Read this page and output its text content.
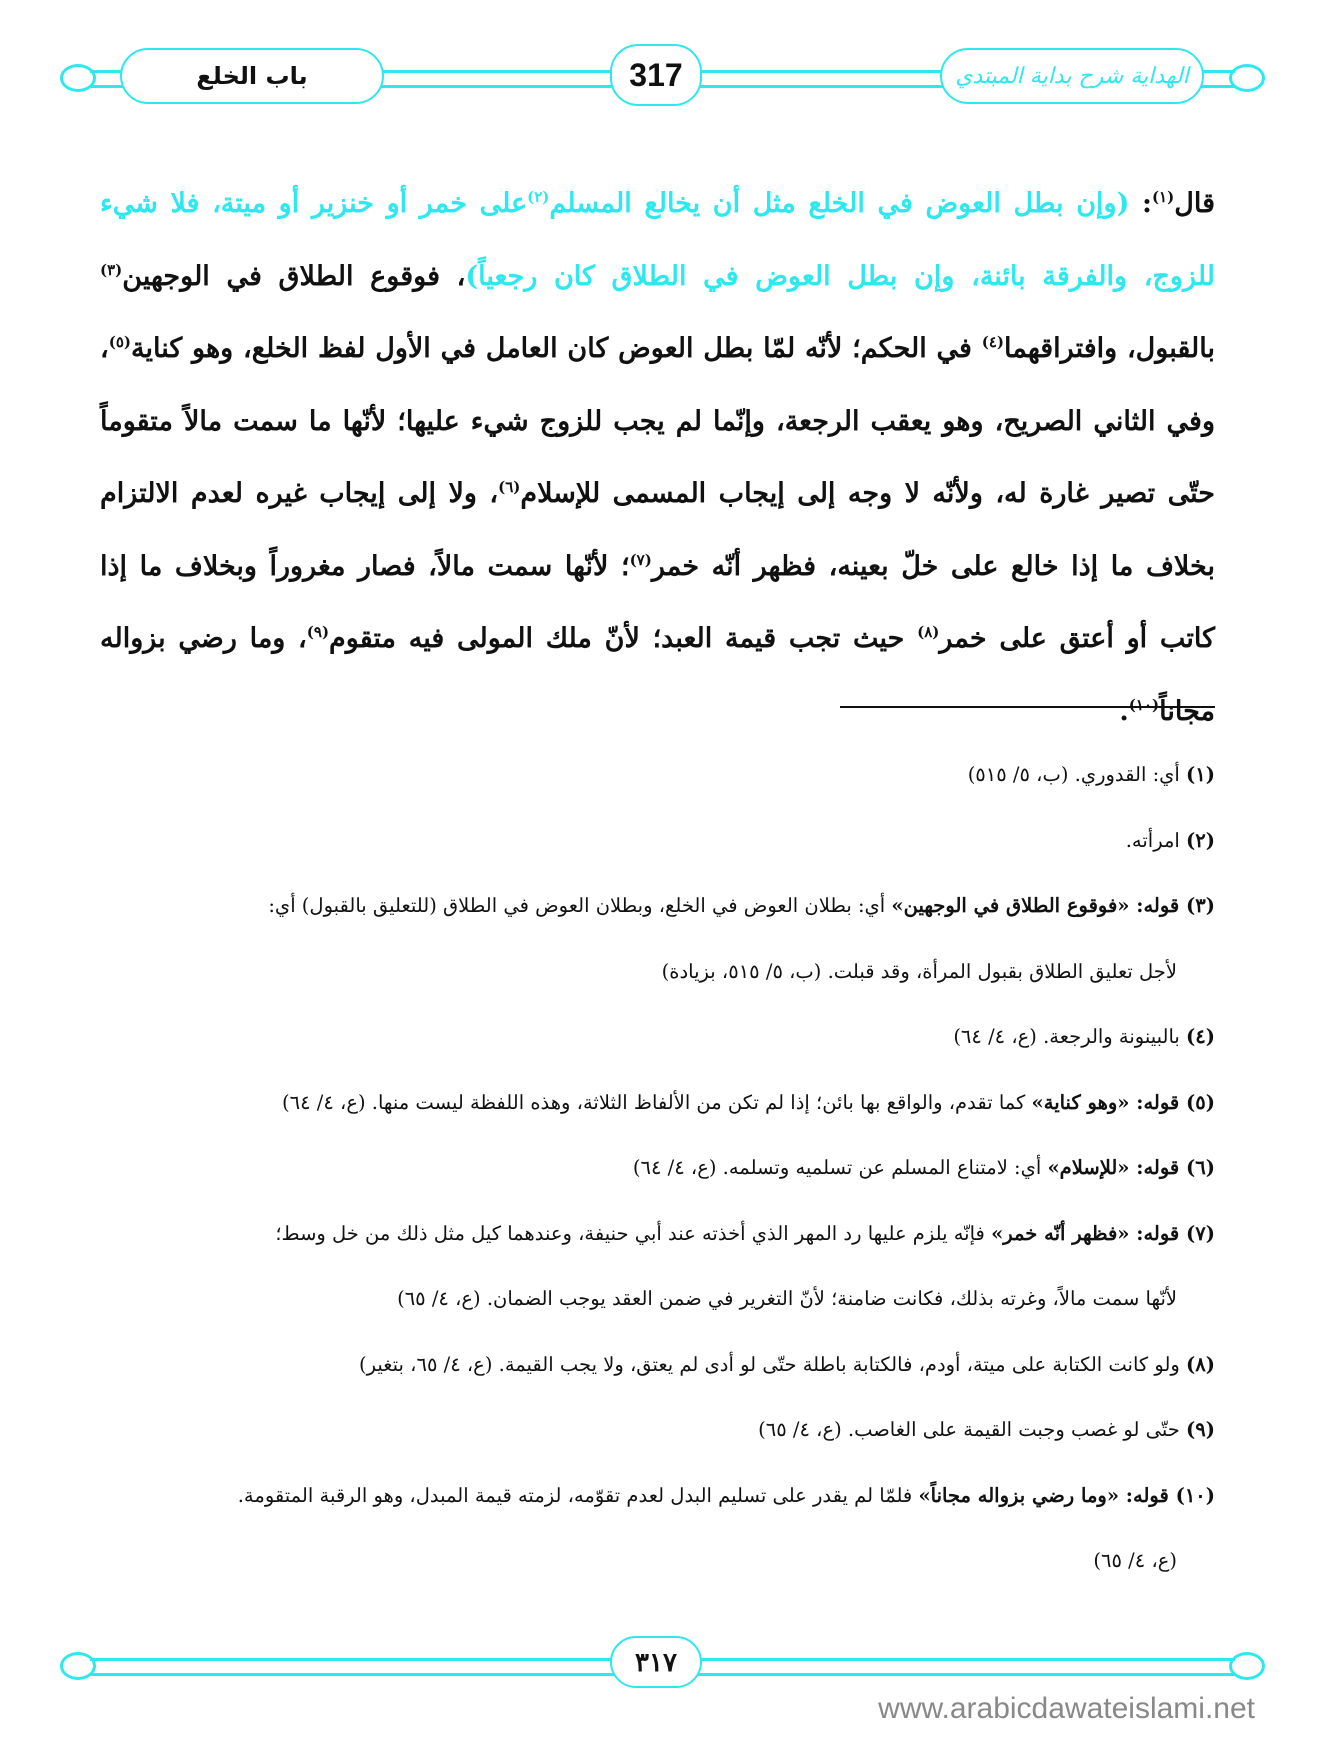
باب الخلع	317	الهداية شرح بداية المبتدي
قال$^{(١)}$: (وإن بطل العوض في الخلع مثل أن يخالع المسلم$^{(٢)}$على خمر أو خنزير أو ميتة، فلا شيء للزوج، والفرقة بائنة، وإن بطل العوض في الطلاق كان رجعياً)، فوقوع الطلاق في الوجهين$^{(٣)}$ بالقبول، وافتراقهما$^{(٤)}$ في الحكم؛ لأنّه لمّا بطل العوض كان العامل في الأول لفظ الخلع، وهو كناية$^{(٥)}$، وفي الثاني الصريح، وهو يعقب الرجعة، وإنّما لم يجب للزوج شيء عليها؛ لأنّها ما سمت مالاً متقوماً حتّى تصير غارة له، ولأنّه لا وجه إلى إيجاب المسمى للإسلام$^{(٦)}$، ولا إلى إيجاب غيره لعدم الالتزام بخلاف ما إذا خالع على خلّ بعينه، فظهر أنّه خمر$^{(٧)}$؛ لأنّها سمت مالاً، فصار مغروراً وبخلاف ما إذا كاتب أو أعتق على خمر$^{(٨)}$ حيث تجب قيمة العبد؛ لأنّ ملك المولى فيه متقوم$^{(٩)}$، وما رضي بزواله مجاناً$^{(١٠)}$.

(١) أي: القدوري. (ب، ٥/ ٥١٥)

(٢) امرأته.

(٣) قوله: «فوقوع الطلاق في الوجهين» أي: بطلان العوض في الخلع، وبطلان العوض في الطلاق (للتعليق بالقبول) أي:

لأجل تعليق الطلاق بقبول المرأة، وقد قبلت. (ب، ٥/ ٥١٥، بزيادة)

(٤) بالبينونة والرجعة. (ع، ٤/ ٦٤)

(٥) قوله: «وهو كناية» كما تقدم، والواقع بها بائن؛ إذا لم تكن من الألفاظ الثلاثة، وهذه اللفظة ليست منها. (ع، ٤/ ٦٤)

(٦) قوله: «للإسلام» أي: لامتناع المسلم عن تسلميه وتسلمه. (ع، ٤/ ٦٤)

(٧) قوله: «فظهر أنّه خمر» فإنّه يلزم عليها رد المهر الذي أخذته عند أبي حنيفة، وعندهما كيل مثل ذلك من خل وسط؛

لأنّها سمت مالاً، وغرته بذلك، فكانت ضامنة؛ لأنّ التغرير في ضمن العقد يوجب الضمان. (ع، ٤/ ٦٥)

(٨) ولو كانت الكتابة على ميتة، أودم، فالكتابة باطلة حتّى لو أدى لم يعتق، ولا يجب القيمة. (ع، ٤/ ٦٥، بتغير)

(٩) حتّى لو غصب وجبت القيمة على الغاصب. (ع، ٤/ ٦٥)

(١٠) قوله: «وما رضي بزواله مجاناً» فلمّا لم يقدر على تسليم البدل لعدم تقوّمه، لزمته قيمة المبدل، وهو الرقبة المتقومة.

(ع، ٤/ ٦٥)

٣١٧
www.arabicdawateislami.net
